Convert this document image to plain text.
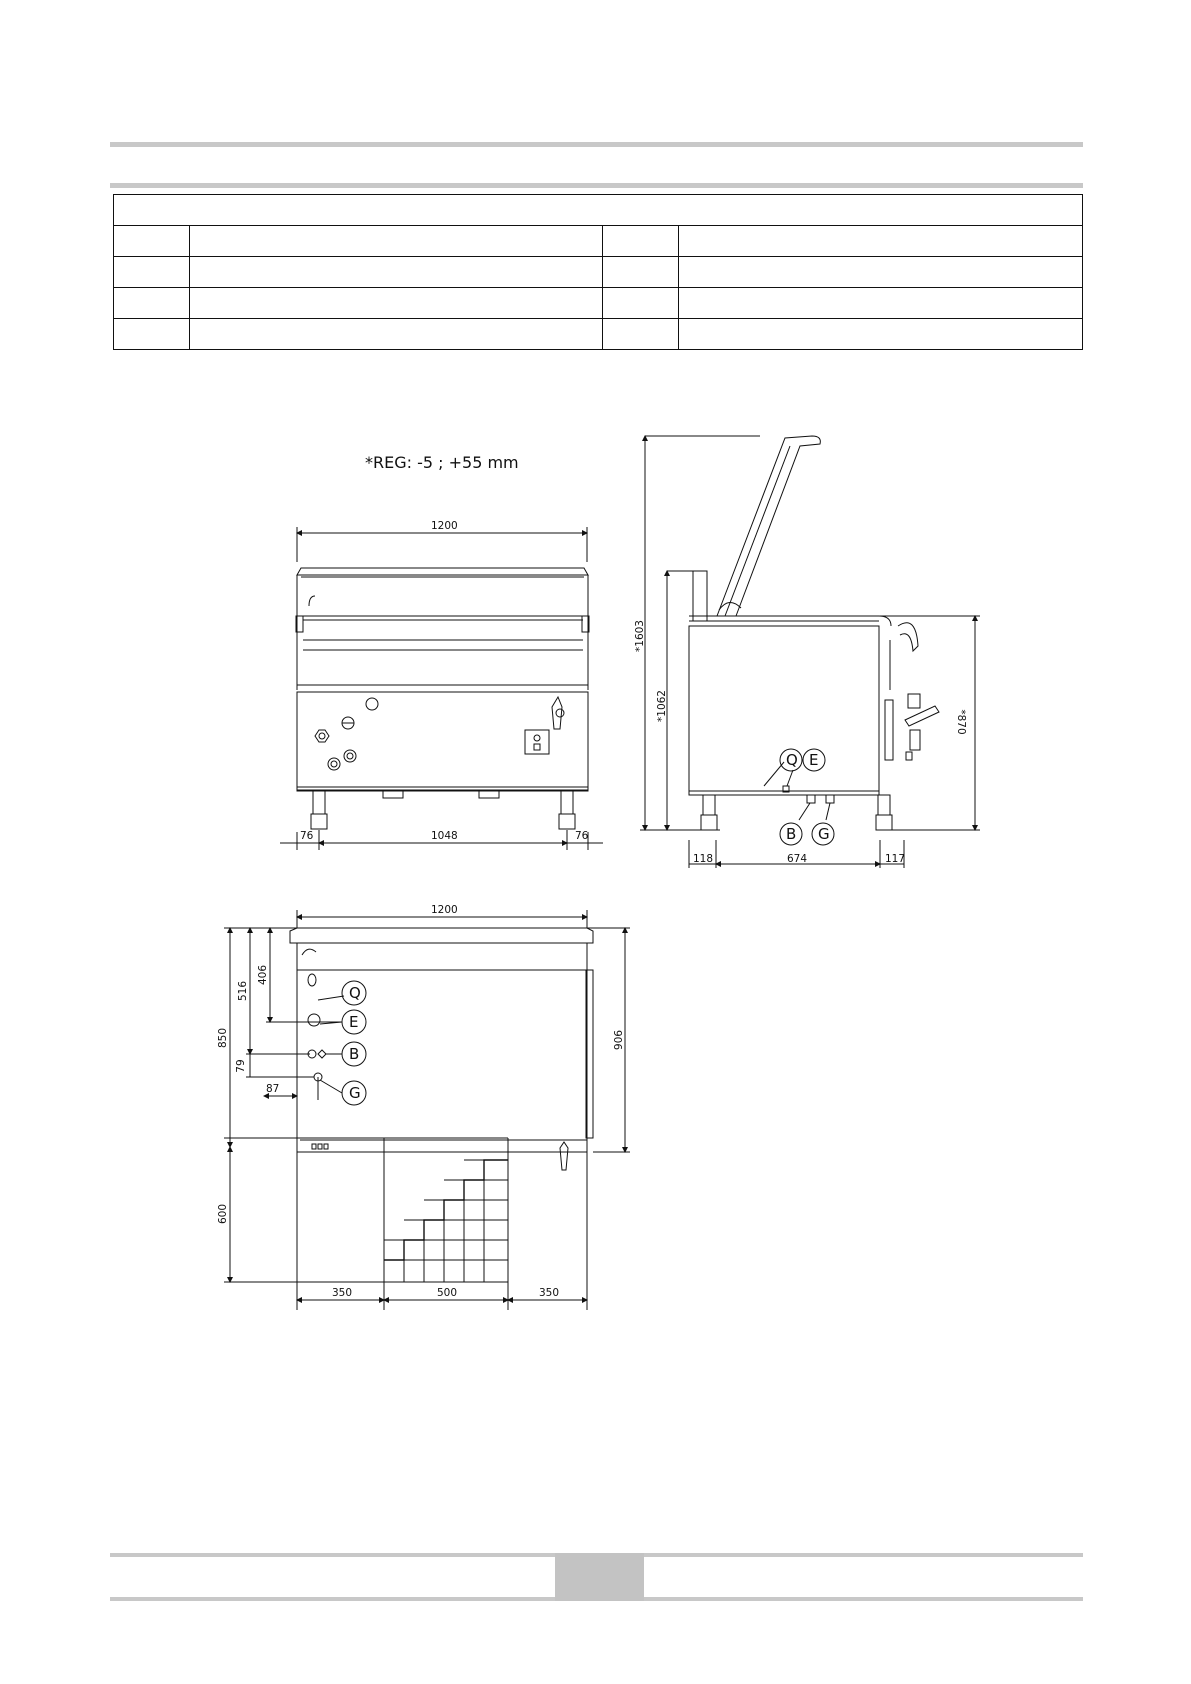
*REG: -5 ; +55 mm
1200
76	1048	76
*1603
*1062
*870
118	674	117
Q E
B G
1200
850
516
406
79
87
906
600
350	500	350
Q
E
B
G
